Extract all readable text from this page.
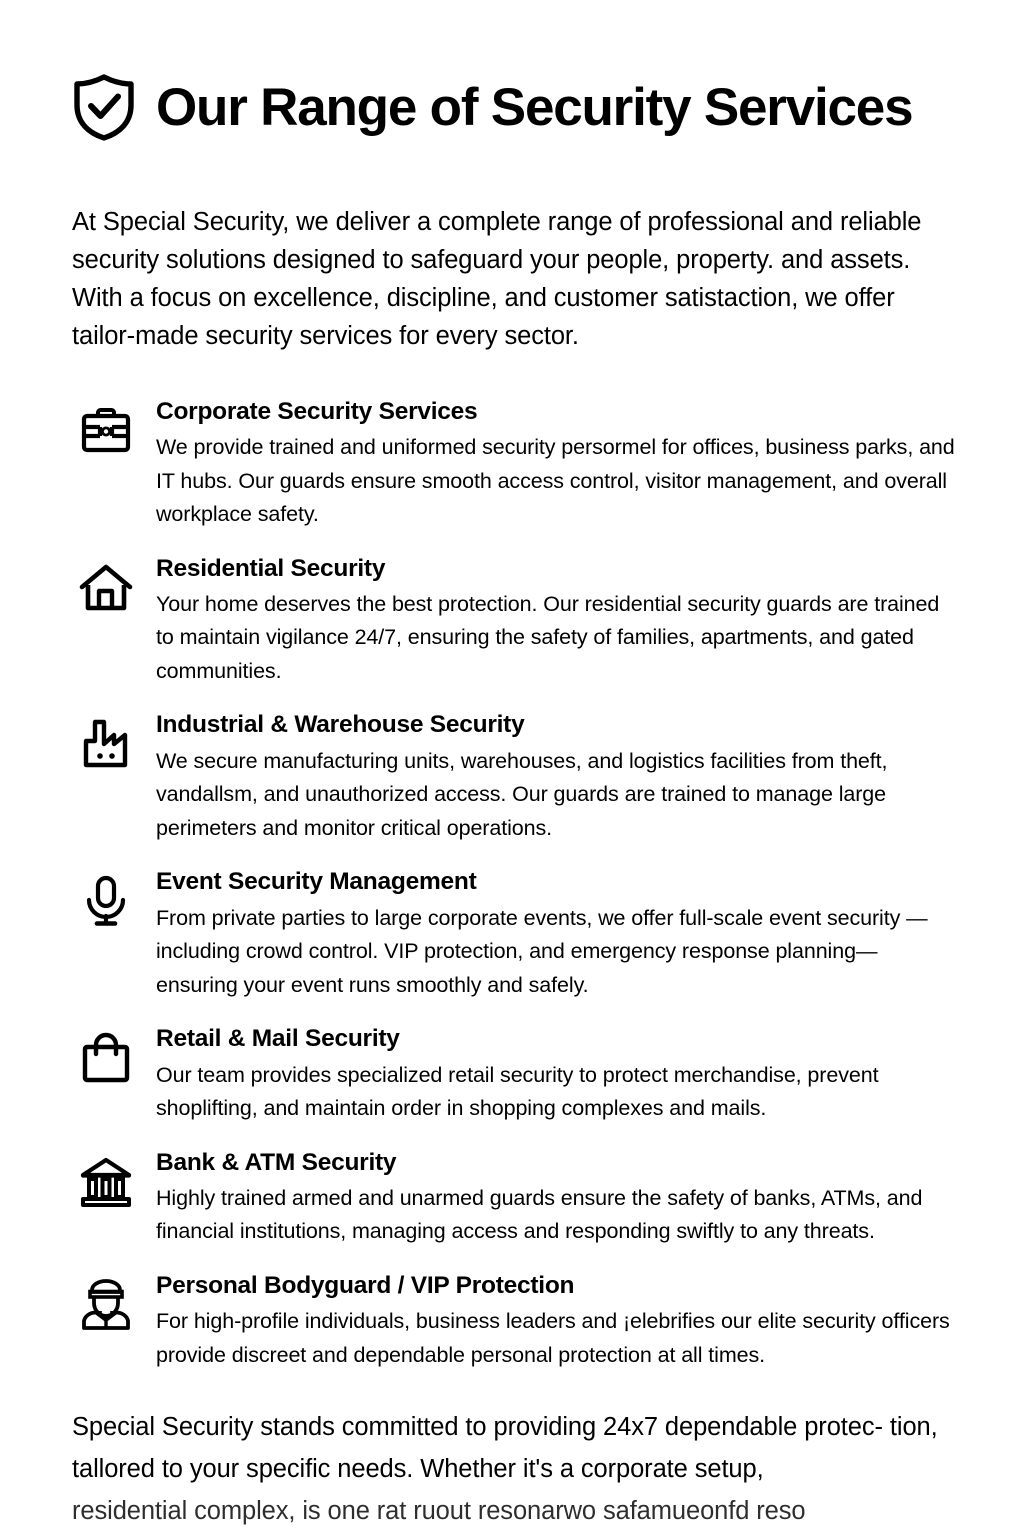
Our Range of Security Services

At Special Security, we deliver a complete range of professional and reliable security solutions designed to safeguard your people, property. and assets. With a focus on excellence, discipline, and customer satistaction, we offer tailor-made security services for every sector.

Corporate Security Services

We provide trained and uniformed security persormel for offices, business parks, and IT hubs. Our guards ensure smooth access control, visitor management, and overall workplace safety.

Residential Security

Your home deserves the best protection. Our residential security guards are trained to maintain vigilance 24/7, ensuring the safety of families, apartments, and gated communities.

Industrial & Warehouse Security

We secure manufacturing units, warehouses, and logistics facilities from theft, vandallsm, and unauthorized access. Our guards are trained to manage large perimeters and monitor critical operations.

Event Security Management

From private parties to large corporate events, we offer full-scale event security — including crowd control. VIP protection, and emergency response planning— ensuring your event runs smoothly and safely.

Retail & Mail Security

Our team provides specialized retail security to protect merchandise, prevent shoplifting, and maintain order in shopping complexes and mails.

Bank & ATM Security

Highly trained armed and unarmed guards ensure the safety of banks, ATMs, and financial institutions, managing access and responding swiftly to any threats.

Personal Bodyguard / VIP Protection

For high-profile individuals, business leaders and ¡elebrifies our elite security officers provide discreet and dependable personal protection at all times.

Special Security stands committed to providing 24x7 dependable protec- tion, tallored to your specific needs. Whether it's a corporate setup,
residential complex, is one rat ruout resonarwo safamueonfd reso
